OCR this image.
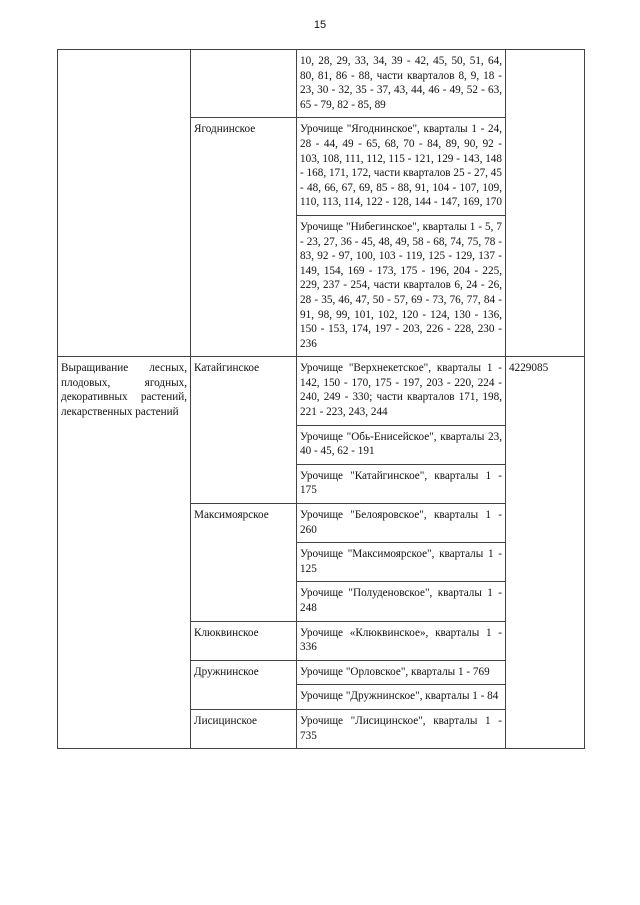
15
		10, 28, 29, 33, 34, 39 - 42, 45, 50, 51, 64, 80, 81, 86 - 88, части кварталов 8, 9, 18 - 23, 30 - 32, 35 - 37, 43, 44, 46 - 49, 52 - 63, 65 - 79, 82 - 85, 89	
	Ягоднинское	Урочище "Ягоднинское", кварталы 1 - 24, 28 - 44, 49 - 65, 68, 70 - 84, 89, 90, 92 - 103, 108, 111, 112, 115 - 121, 129 - 143, 148 - 168, 171, 172, части кварталов 25 - 27, 45 - 48, 66, 67, 69, 85 - 88, 91, 104 - 107, 109, 110, 113, 114, 122 - 128, 144 - 147, 169, 170	
		Урочище "Нибегинское", кварталы 1 - 5, 7 - 23, 27, 36 - 45, 48, 49, 58 - 68, 74, 75, 78 - 83, 92 - 97, 100, 103 - 119, 125 - 129, 137 - 149, 154, 169 - 173, 175 - 196, 204 - 225, 229, 237 - 254, части кварталов 6, 24 - 26, 28 - 35, 46, 47, 50 - 57, 69 - 73, 76, 77, 84 - 91, 98, 99, 101, 102, 120 - 124, 130 - 136, 150 - 153, 174, 197 - 203, 226 - 228, 230 - 236	
Выращивание лесных, плодовых, ягодных, декоративных растений, лекарственных растений	Катайгинское	Урочище "Верхнекетское", кварталы 1 - 142, 150 - 170, 175 - 197, 203 - 220, 224 - 240, 249 - 330; части кварталов 171, 198, 221 - 223, 243, 244	4229085
		Урочище "Обь-Енисейское", кварталы 23, 40 - 45, 62 - 191	
		Урочище "Катайгинское", кварталы 1 - 175	
	Максимоярское	Урочище "Белояровское", кварталы 1 - 260	
		Урочище "Максимоярское", кварталы 1 - 125	
		Урочище "Полуденовское", кварталы 1 - 248	
	Клюквинское	Урочище «Клюквинское», кварталы 1 - 336	
	Дружнинское	Урочище "Орловское", кварталы 1 - 769	
		Урочище "Дружнинское", кварталы 1 - 84	
	Лисицинское	Урочище "Лисицинское", кварталы 1 - 735	
